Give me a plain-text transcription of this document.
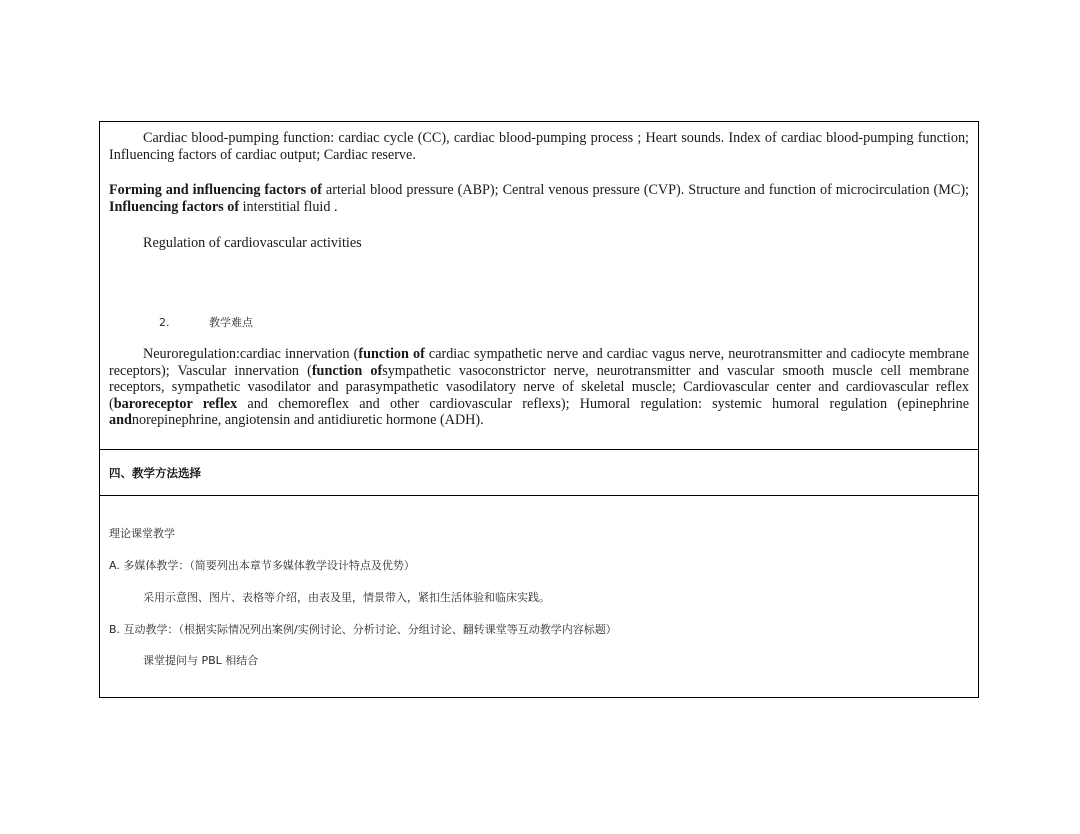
Cardiac blood-pumping function: cardiac cycle (CC), cardiac blood-pumping process ; Heart sounds. Index of cardiac blood-pumping function; Influencing factors of cardiac output; Cardiac reserve.

Forming and influencing factors of arterial blood pressure (ABP); Central venous pressure (CVP). Structure and function of microcirculation (MC); Influencing factors of interstitial fluid .

Regulation of cardiovascular activities

2.	教学难点

Neuroregulation:cardiac innervation (function of cardiac sympathetic nerve and cardiac vagus nerve, neurotransmitter and cadiocyte membrane receptors); Vascular innervation (function ofsympathetic vasoconstrictor nerve, neurotransmitter and vascular smooth muscle cell membrane receptors, sympathetic vasodilator and parasympathetic vasodilatory nerve of skeletal muscle; Cardiovascular center and cardiovascular reflex (baroreceptor reflex and chemoreflex and other cardiovascular reflexs); Humoral regulation: systemic humoral regulation (epinephrine andnorepinephrine, angiotensin and antidiuretic hormone (ADH).

四、教学方法选择

理论课堂教学

A. 多媒体教学：（简要列出本章节多媒体教学设计特点及优势）

采用示意图、图片、表格等介绍，由表及里，情景带入，紧扣生活体验和临床实践。

B. 互动教学：（根据实际情况列出案例/实例讨论、分析讨论、分组讨论、翻转课堂等互动教学内容标题）

课堂提问与 PBL 相结合
